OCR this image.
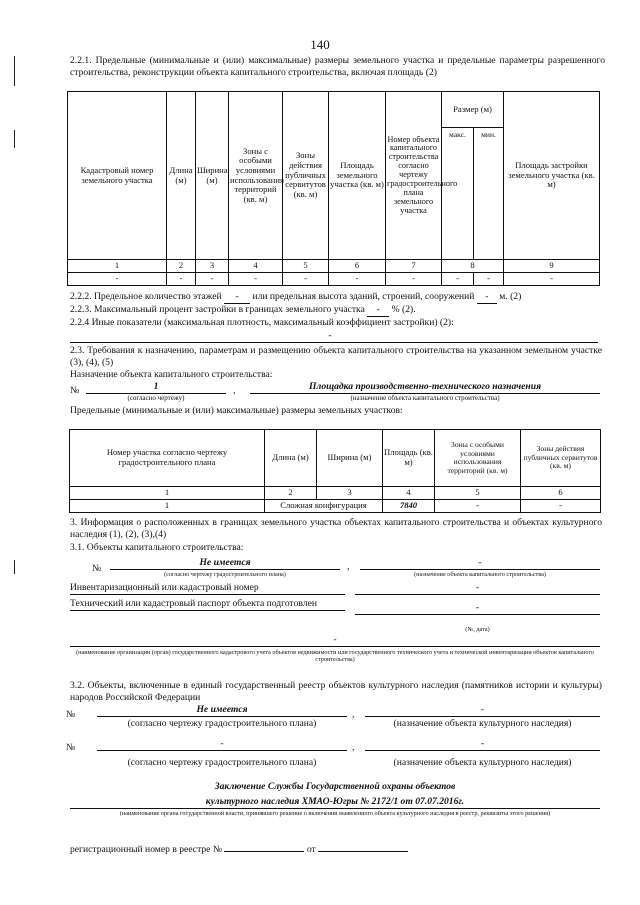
140
2.2.1. Предельные (минимальные и (или) максимальные) размеры земельного участка и предельные параметры разрешенного строительства, реконструкции объекта капитального строительства, включая площадь (2)
Кадастровый номер земельного участка	Длина (м)	Ширина (м)	Зоны с особыми условиями использования территорий (кв. м)	Зоны действия публичных сервитутов (кв. м)	Площадь земельного участка (кв. м)	Номер объекта капитального строительства согласно чертежу градостроительного плана земельного участка	Размер (м)		Площадь застройки земельного участка (кв. м)
							макс.	мин.	
1	2	3	4	5	6	7	8		9
-	-	-	-	-	-	-	-	-	-
2.2.2. Предельное количество этажей - или предельная высота зданий, строений, сооружений - м. (2)
2.2.3. Максимальный процент застройки в границах земельного участка - % (2).
2.2.4 Иные показатели (максимальная плотность, максимальный коэффициент застройки) (2):
-
2.3. Требования к назначению, параметрам и размещению объекта капитального строительства на указанном земельном участке (3), (4), (5)
Назначение объекта капитального строительства:
№	1	,	Площадка производственно-технического назначения
(согласно чертежу)	(назначение объекта капитального строительства)
Предельные (минимальные и (или) максимальные) размеры земельных участков:
Номер участка согласно чертежу градостроительного плана	Длина (м)	Ширина (м)	Площадь (кв. м)	Зоны с особыми условиями использования территорий (кв. м)	Зоны действия публичных сервитутов (кв. м)
1	2	3	4	5	6
1	Сложная конфигурация		7840	-	-
3. Информация о расположенных в границах земельного участка объектах капитального строительства и объектах культурного наследия (1), (2), (3),(4)
3.1. Объекты капитального строительства:
№
Не имеется	,	-
(согласно чертежу градостроительного плана)	(назначение объекта капитального строительства)
Инвентаризационный или кадастровый номер	-
Технический или кадастровый паспорт объекта подготовлен	-
(№, дата)
-
(наименование организации (орган) государственного кадастрового учета объектов недвижимости или государственного технического учета и технической инвентаризации объектов капитального строительства)
3.2. Объекты, включенные в единый государственный реестр объектов культурного наследия (памятников истории и культуры) народов Российской Федерации
№	Не имеется	,	-
(согласно чертежу градостроительного плана)	(назначение объекта культурного наследия)
№	-	,	-
(согласно чертежу градостроительного плана)	(назначение объекта культурного наследия)
Заключение Службы Государственной охраны объектов
культурного наследия ХМАО-Югры № 2172/1 от 07.07.2016г.
(наименование органа государственной власти, принявшего решение о включении выявленного объекта культурного наследия в реестр, реквизиты этого решения)
регистрационный номер в реестре №	от
